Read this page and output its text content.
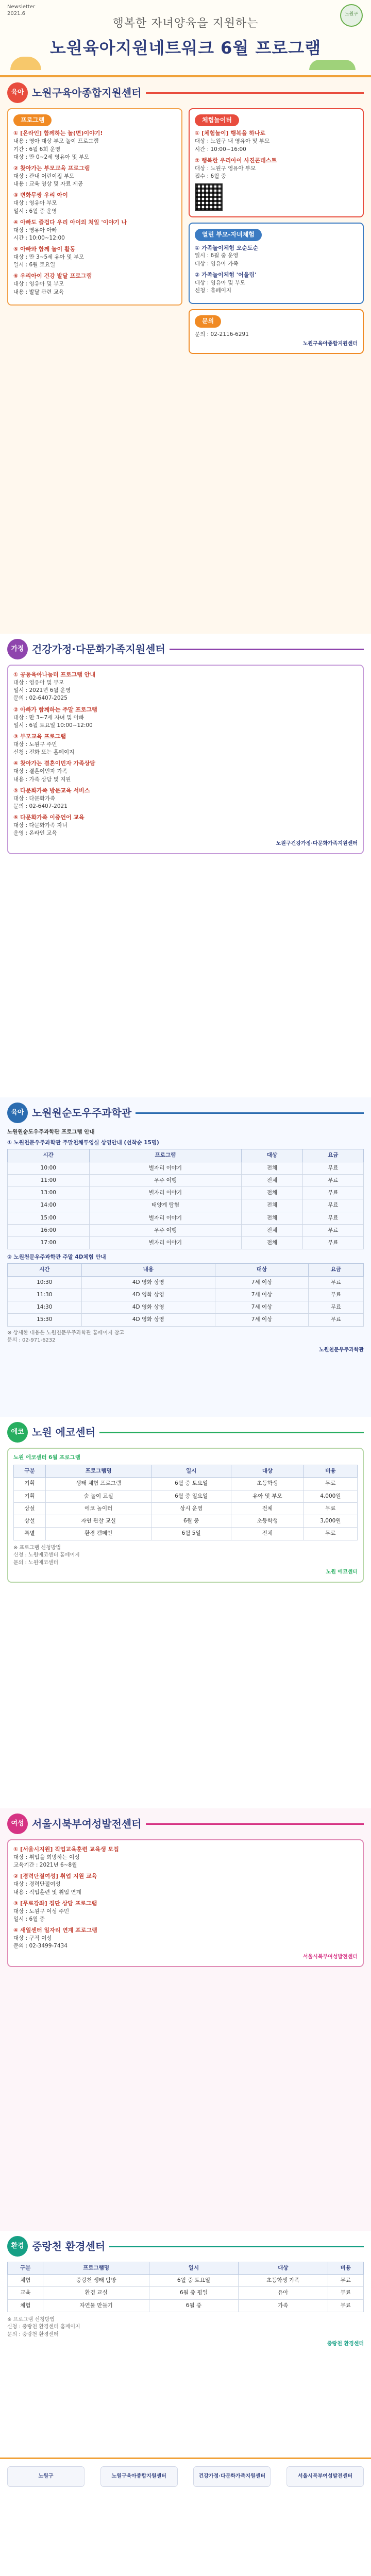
Newsletter
2021.6	노원구
행복한 자녀양육을 지원하는
노원육아지원네트워크 6월 프로그램
육아 노원구육아종합지원센터
프로그램
① [온라인] 함께하는 놀(면)이야기!
내용 : 영아 대상 부모 놀이 프로그램
기간 : 6월 6회 운영
대상 : 만 0~2세 영유아 및 부모
② 찾아가는 부모교육 프로그램
대상 : 관내 어린이집 부모
내용 : 교육 영상 및 자료 제공
③ 변화무쌍 우리 아이
대상 : 영유아 부모
일시 : 6월 중 운영
④ 아빠도 즐겁다 우리 아이의 처일 '이야기 나
대상 : 영유아 아빠
시간 : 10:00~12:00
⑤ 아빠와 함께 놀이 활동
대상 : 만 3~5세 유아 및 부모
일시 : 6월 토요일
⑥ 우리아이 건강 발달 프로그램
대상 : 영유아 및 부모
내용 : 발달 관련 교육
체험놀이터
① [체험놀이] 행복을 하나로
대상 : 노원구 내 영유아 및 부모
시간 : 10:00~16:00
② 행복한 우리아이 사진콘테스트
대상 : 노원구 영유아 부모
접수 : 6월 중
열린 부모-자녀체험
① 가족놀이체험 오순도순
일시 : 6월 중 운영
대상 : 영유아 가족
② 가족놀이체험 '어울림'
대상 : 영유아 및 부모
신청 : 홈페이지
문의
문의 : 02-2116-6291
노원구육아종합지원센터
가정 건강가정·다문화가족지원센터
① 공동육아나눔터 프로그램 안내
대상 : 영유아 및 부모
일시 : 2021년 6월 운영
문의 : 02-6407-2025
② 아빠가 함께하는 주말 프로그램
대상 : 만 3~7세 자녀 및 아빠
일시 : 6월 토요일 10:00~12:00
③ 부모교육 프로그램
대상 : 노원구 주민
신청 : 전화 또는 홈페이지
④ 찾아가는 결혼이민자 가족상담
대상 : 결혼이민자 가족
내용 : 가족 상담 및 지원
⑤ 다문화가족 방문교육 서비스
대상 : 다문화가족
문의 : 02-6407-2021
⑥ 다문화가족 이중언어 교육
대상 : 다문화가족 자녀
운영 : 온라인 교육
노원구건강가정·다문화가족지원센터
육아 노원원순도우주과학관
노원원순도우주과학관 프로그램 안내
① 노원천문우주과학관 주말천체투영실 상영안내 (선착순 15명)
시간	프로그램	대상	요금
10:00	별자리 이야기	전체	무료
11:00	우주 여행	전체	무료
13:00	별자리 이야기	전체	무료
14:00	태양계 탐험	전체	무료
15:00	별자리 이야기	전체	무료
16:00	우주 여행	전체	무료
17:00	별자리 이야기	전체	무료
② 노원천문우주과학관 주말 4D체험 안내
시간	내용	대상	요금
10:30	4D 영화 상영	7세 이상	무료
11:30	4D 영화 상영	7세 이상	무료
14:30	4D 영화 상영	7세 이상	무료
15:30	4D 영화 상영	7세 이상	무료
※ 상세한 내용은 노원천문우주과학관 홈페이지 참고
문의 : 02-971-6232
노원천문우주과학관
에코 노원 에코센터
노원 에코센터 6월 프로그램
구분	프로그램명	일시	대상	비용
기획	생태 체험 프로그램	6월 중 토요일	초등학생	무료
기획	숲 놀이 교실	6월 중 일요일	유아 및 부모	4,000원
상설	에코 놀이터	상시 운영	전체	무료
상설	자연 관찰 교실	6월 중	초등학생	3,000원
특별	환경 캠페인	6월 5일	전체	무료
※ 프로그램 신청방법
신청 : 노원에코센터 홈페이지
문의 : 노원에코센터
노원 에코센터
여성 서울시북부여성발전센터
① [서울시지원] 직업교육훈련 교육생 모집
대상 : 취업을 희망하는 여성
교육기간 : 2021년 6~8월
② [경력단절여성] 취업 지원 교육
대상 : 경력단절여성
내용 : 직업훈련 및 취업 연계
③ [무료강좌] 집단 상담 프로그램
대상 : 노원구 여성 주민
일시 : 6월 중
④ 새일센터 일자리 연계 프로그램
대상 : 구직 여성
문의 : 02-3499-7434
서울시북부여성발전센터
환경 중랑천 환경센터
구분	프로그램명	일시	대상	비용
체험	중랑천 생태 탐방	6월 중 토요일	초등학생 가족	무료
교육	환경 교실	6월 중 평일	유아	무료
체험	자연물 만들기	6월 중	가족	무료
※ 프로그램 신청방법
신청 : 중랑천 환경센터 홈페이지
문의 : 중랑천 환경센터
중랑천 환경센터
노원구	노원구육아종합지원센터	건강가정·다문화가족지원센터	서울시북부여성발전센터
